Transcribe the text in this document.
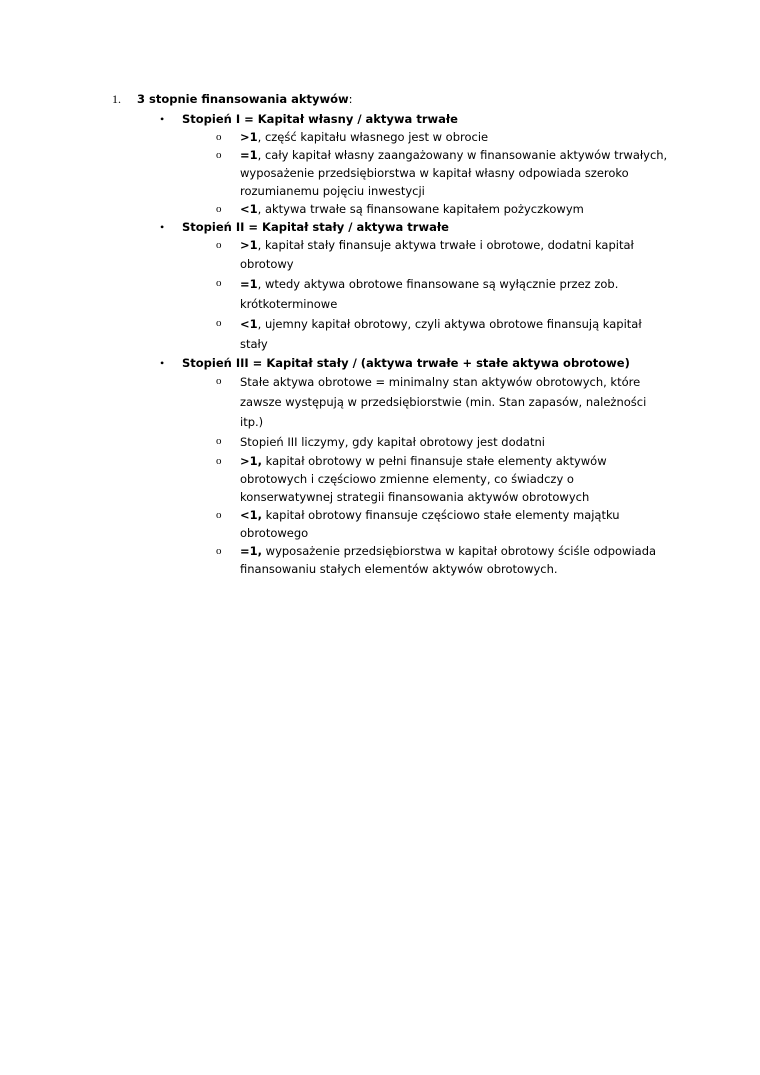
1. 3 stopnie finansowania aktywów:
• Stopień I = Kapitał własny / aktywa trwałe
o >1, część kapitału własnego jest w obrocie
o =1, cały kapitał własny zaangażowany w finansowanie aktywów trwałych, wyposażenie przedsiębiorstwa w kapitał własny odpowiada szeroko rozumianemu pojęciu inwestycji
o <1, aktywa trwałe są finansowane kapitałem pożyczkowym
• Stopień II = Kapitał stały / aktywa trwałe
o >1, kapitał stały finansuje aktywa trwałe i obrotowe, dodatni kapitał obrotowy
o =1, wtedy aktywa obrotowe finansowane są wyłącznie przez zob. krótkoterminowe
o <1, ujemny kapitał obrotowy, czyli aktywa obrotowe finansują kapitał stały
• Stopień III = Kapitał stały / (aktywa trwałe + stałe aktywa obrotowe)
o Stałe aktywa obrotowe = minimalny stan aktywów obrotowych, które zawsze występują w przedsiębiorstwie (min. Stan zapasów, należności itp.)
o Stopień III liczymy, gdy kapitał obrotowy jest dodatni
o >1, kapitał obrotowy w pełni finansuje stałe elementy aktywów obrotowych i częściowo zmienne elementy, co świadczy o konserwatywnej strategii finansowania aktywów obrotowych
o <1, kapitał obrotowy finansuje częściowo stałe elementy majątku obrotowego
o =1, wyposażenie przedsiębiorstwa w kapitał obrotowy ściśle odpowiada finansowaniu stałych elementów aktywów obrotowych.
